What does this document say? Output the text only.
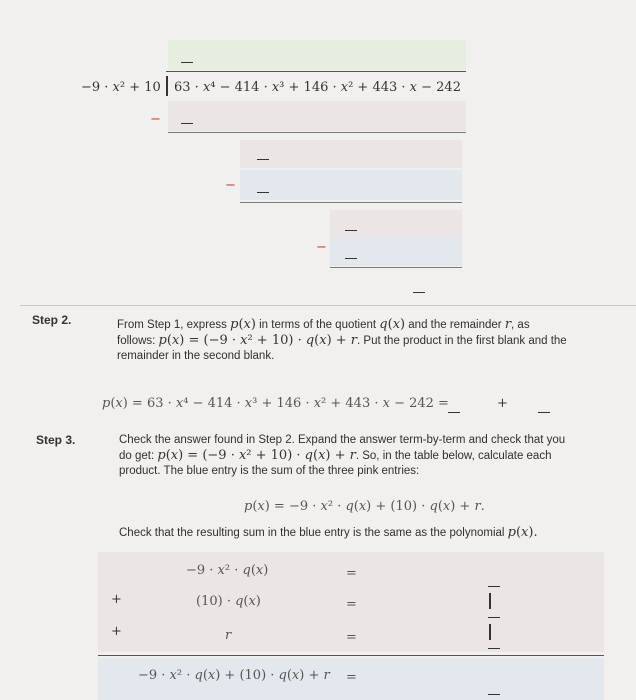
−9 · 𝑥² + 10 63 · 𝑥⁴ − 414 · 𝑥³ + 146 · 𝑥² + 443 · 𝑥 − 242
−
−
−
Step 2.	From Step 1, express 𝑝(𝑥) in terms of the quotient 𝑞(𝑥) and the remainder 𝑟, as
follows: 𝑝(𝑥) = (−9 · 𝑥² + 10) · 𝑞(𝑥) + 𝑟. Put the product in the first blank and the
remainder in the second blank.
𝑝(𝑥) = 63 · 𝑥⁴ − 414 · 𝑥³ + 146 · 𝑥² + 443 · 𝑥 − 242 =	+
Step 3.	Check the answer found in Step 2. Expand the answer term-by-term and check that you
do get: 𝑝(𝑥) = (−9 · 𝑥² + 10) · 𝑞(𝑥) + 𝑟. So, in the table below, calculate each
product. The blue entry is the sum of the three pink entries:
𝑝(𝑥) = −9 · 𝑥² · 𝑞(𝑥) + (10) · 𝑞(𝑥) + 𝑟.
Check that the resulting sum in the blue entry is the same as the polynomial 𝑝(𝑥).
−9 · 𝑥² · 𝑞(𝑥)	=
+	(10) · 𝑞(𝑥)	=
+	𝑟	=
−9 · 𝑥² · 𝑞(𝑥) + (10) · 𝑞(𝑥) + 𝑟 =
